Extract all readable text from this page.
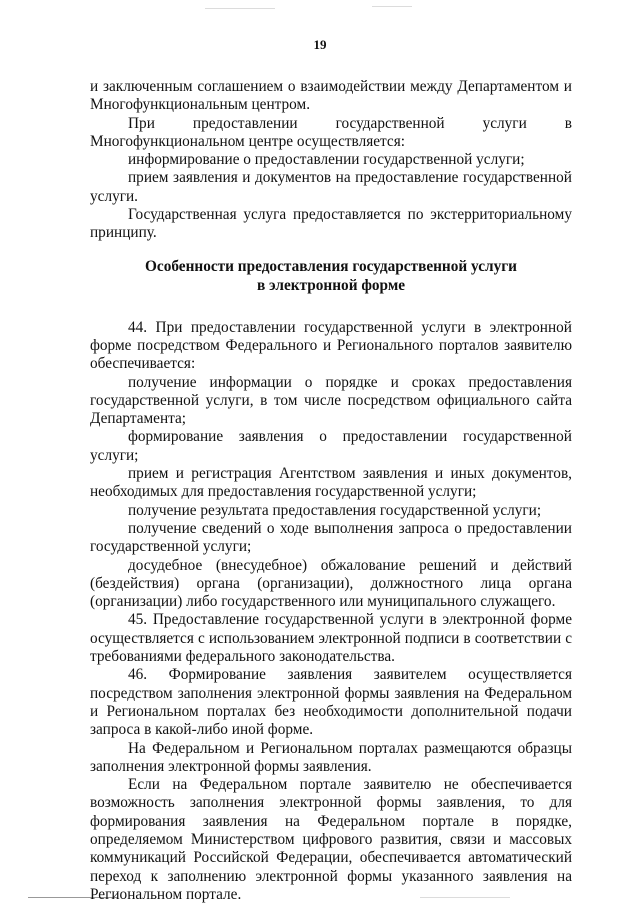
19

и заключенным соглашением о взаимодействии между Департаментом и Многофункциональным центром.

При предоставлении государственной услуги в Многофункциональном центре осуществляется:

информирование о предоставлении государственной услуги;

прием заявления и документов на предоставление государственной услуги.

Государственная услуга предоставляется по экстерриториальному принципу.

Особенности предоставления государственной услуги
в электронной форме

44. При предоставлении государственной услуги в электронной форме посредством Федерального и Регионального порталов заявителю обеспечивается:

получение информации о порядке и сроках предоставления государственной услуги, в том числе посредством официального сайта Департамента;

формирование заявления о предоставлении государственной услуги;

прием и регистрация Агентством заявления и иных документов, необходимых для предоставления государственной услуги;

получение результата предоставления государственной услуги;

получение сведений о ходе выполнения запроса о предоставлении государственной услуги;

досудебное (внесудебное) обжалование решений и действий (бездействия) органа (организации), должностного лица органа (организации) либо государственного или муниципального служащего.

45. Предоставление государственной услуги в электронной форме осуществляется с использованием электронной подписи в соответствии с требованиями федерального законодательства.

46. Формирование заявления заявителем осуществляется посредством заполнения электронной формы заявления на Федеральном и Региональном порталах без необходимости дополнительной подачи запроса в какой-либо иной форме.

На Федеральном и Региональном порталах размещаются образцы заполнения электронной формы заявления.

Если на Федеральном портале заявителю не обеспечивается возможность заполнения электронной формы заявления, то для формирования заявления на Федеральном портале в порядке, определяемом Министерством цифрового развития, связи и массовых коммуникаций Российской Федерации, обеспечивается автоматический переход к заполнению электронной формы указанного заявления на Региональном портале.
